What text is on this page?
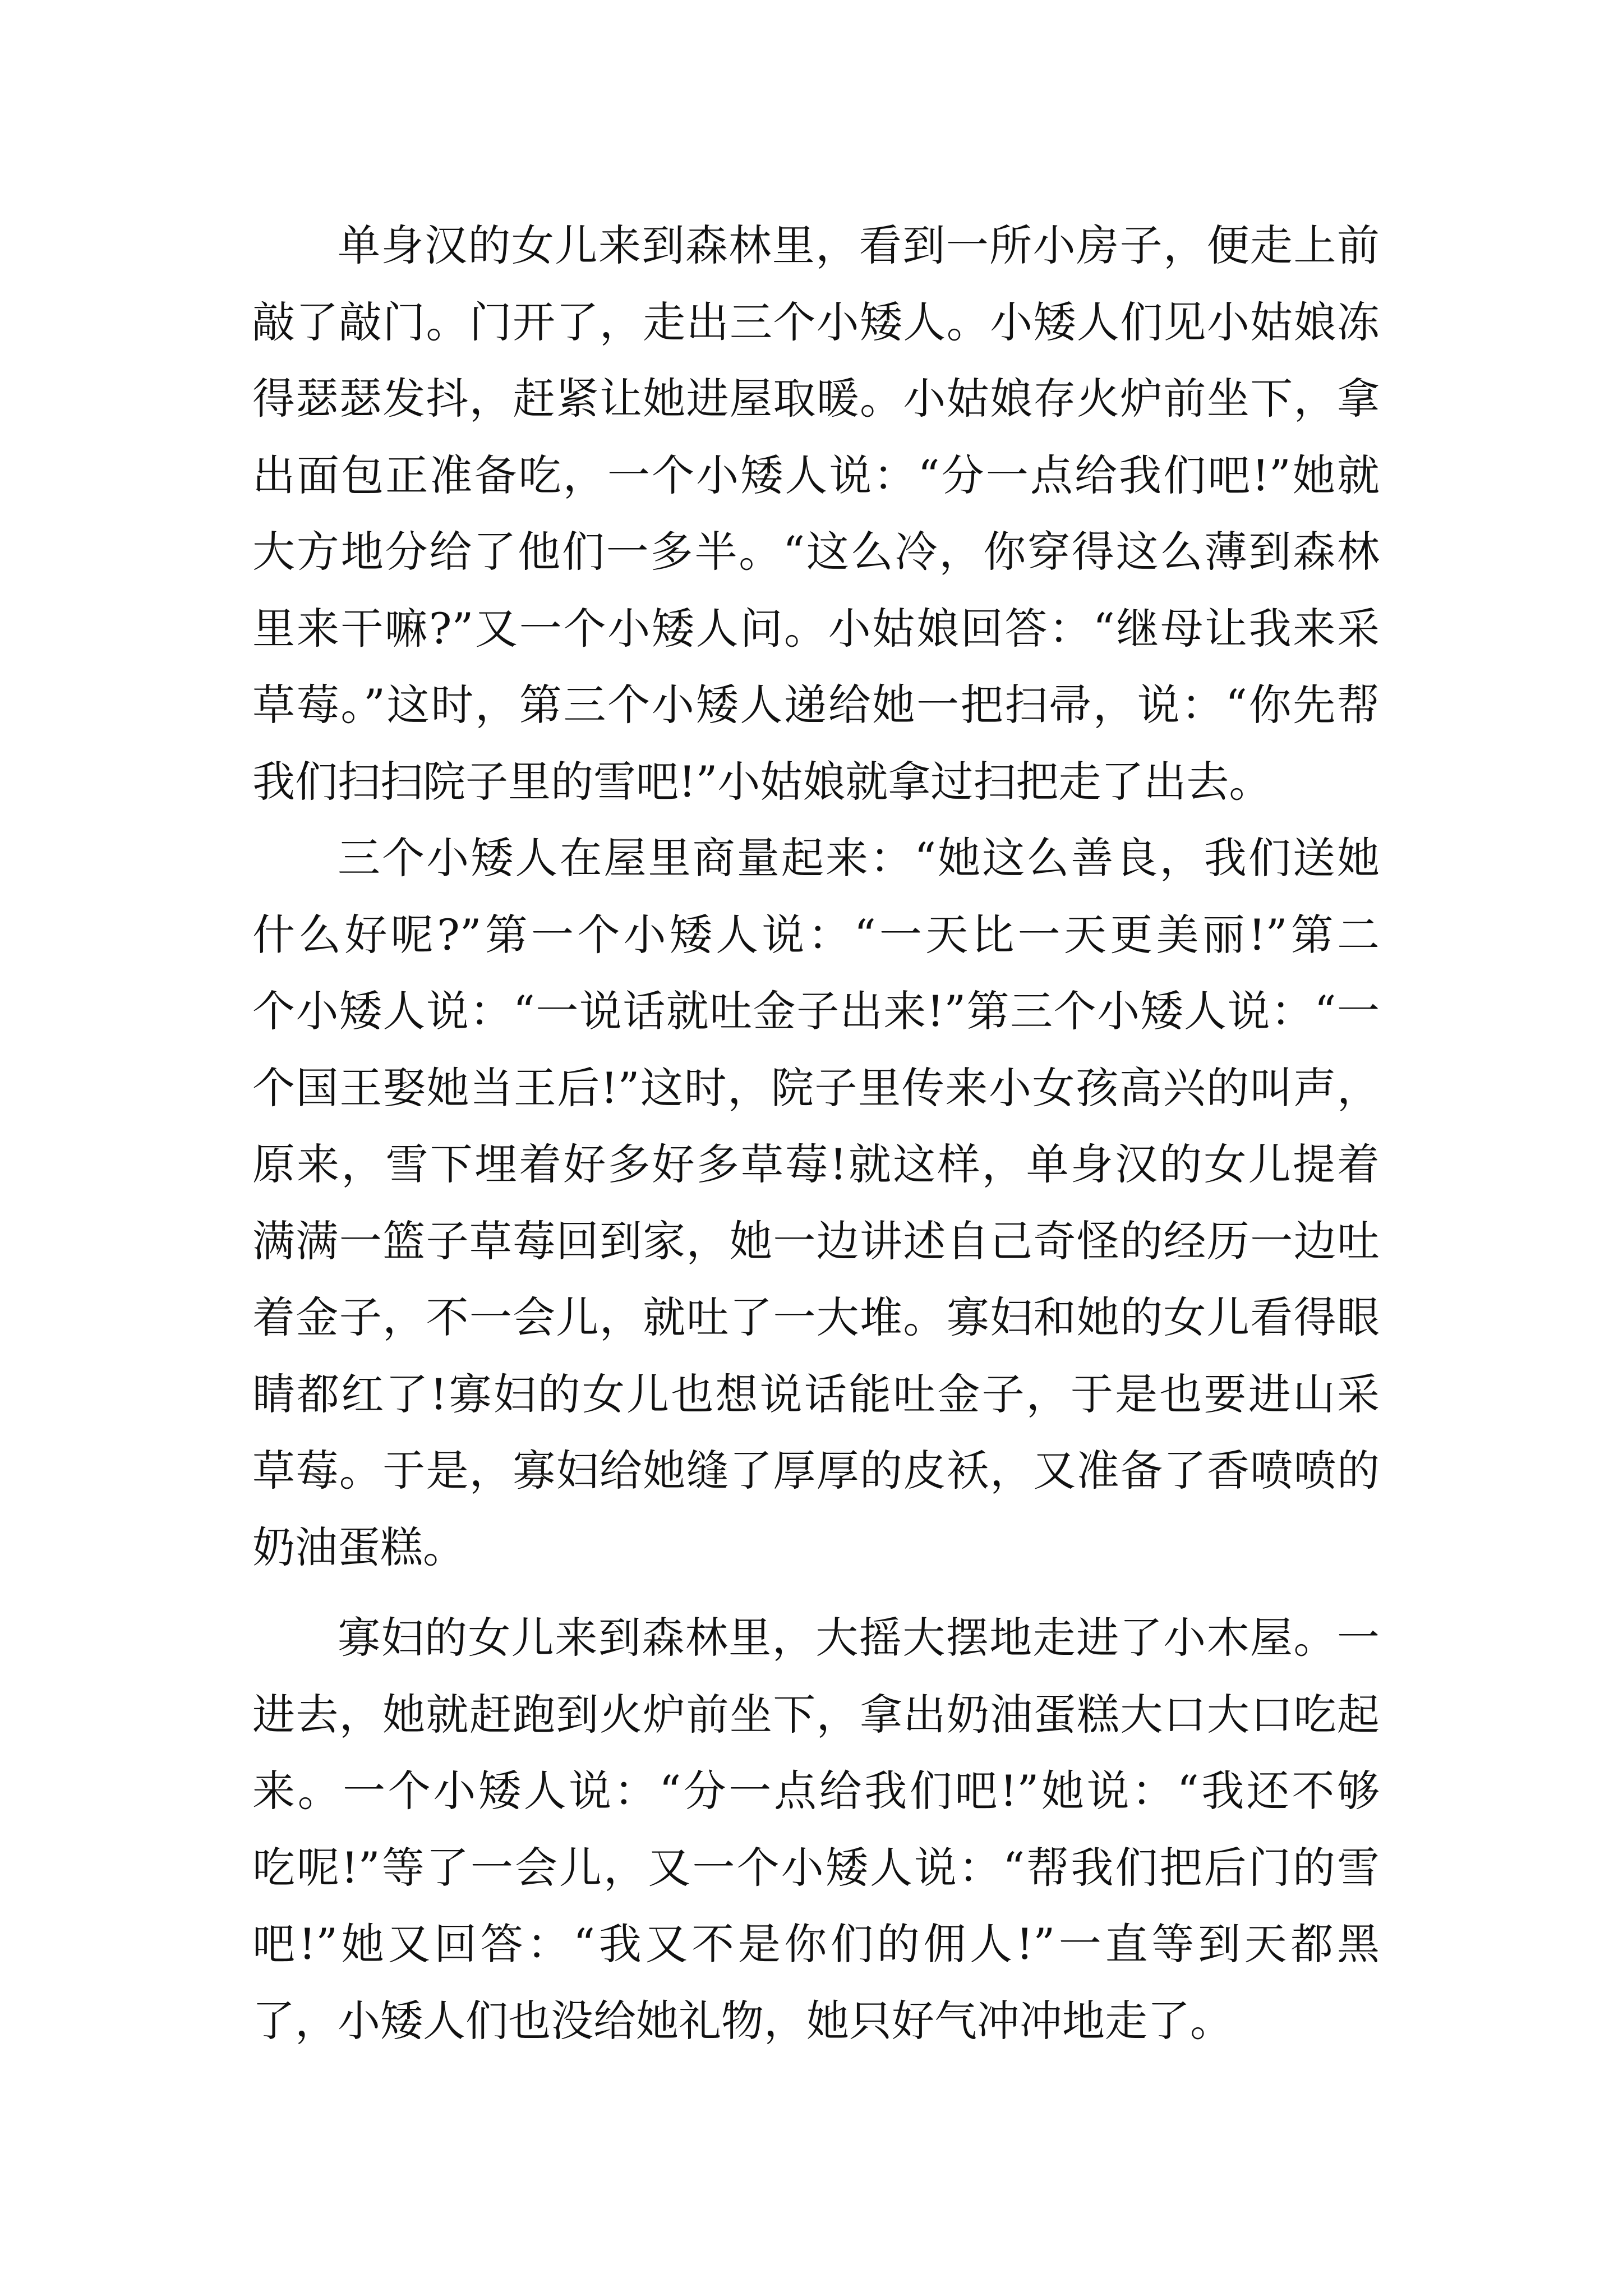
单身汉的女儿来到森林里，看到一所小房子，便走上前
敲了敲门。门开了，走出三个小矮人。小矮人们见小姑娘冻
得瑟瑟发抖，赶紧让她进屋取暖。小姑娘存火炉前坐下，拿
出面包正准备吃，一个小矮人说：“分一点给我们吧!”她就
大方地分给了他们一多半。“这么冷，你穿得这么薄到森林
里来干嘛?”又一个小矮人问。小姑娘回答：“继母让我来采
草莓。”这时，第三个小矮人递给她一把扫帚，说：“你先帮
我们扫扫院子里的雪吧!”小姑娘就拿过扫把走了出去。
三个小矮人在屋里商量起来：“她这么善良，我们送她
什么好呢?”第一个小矮人说：“一天比一天更美丽!”第二
个小矮人说：“一说话就吐金子出来!”第三个小矮人说：“一
个国王娶她当王后!”这时，院子里传来小女孩高兴的叫声，
原来，雪下埋着好多好多草莓!就这样，单身汉的女儿提着
满满一篮子草莓回到家，她一边讲述自己奇怪的经历一边吐
着金子，不一会儿，就吐了一大堆。寡妇和她的女儿看得眼
睛都红了!寡妇的女儿也想说话能吐金子，于是也要进山采
草莓。于是，寡妇给她缝了厚厚的皮袄，又准备了香喷喷的
奶油蛋糕。
寡妇的女儿来到森林里，大摇大摆地走进了小木屋。一
进去，她就赶跑到火炉前坐下，拿出奶油蛋糕大口大口吃起
来。一个小矮人说：“分一点给我们吧!”她说：“我还不够
吃呢!”等了一会儿，又一个小矮人说：“帮我们把后门的雪
吧!”她又回答：“我又不是你们的佣人!”一直等到天都黑
了，小矮人们也没给她礼物，她只好气冲冲地走了。
